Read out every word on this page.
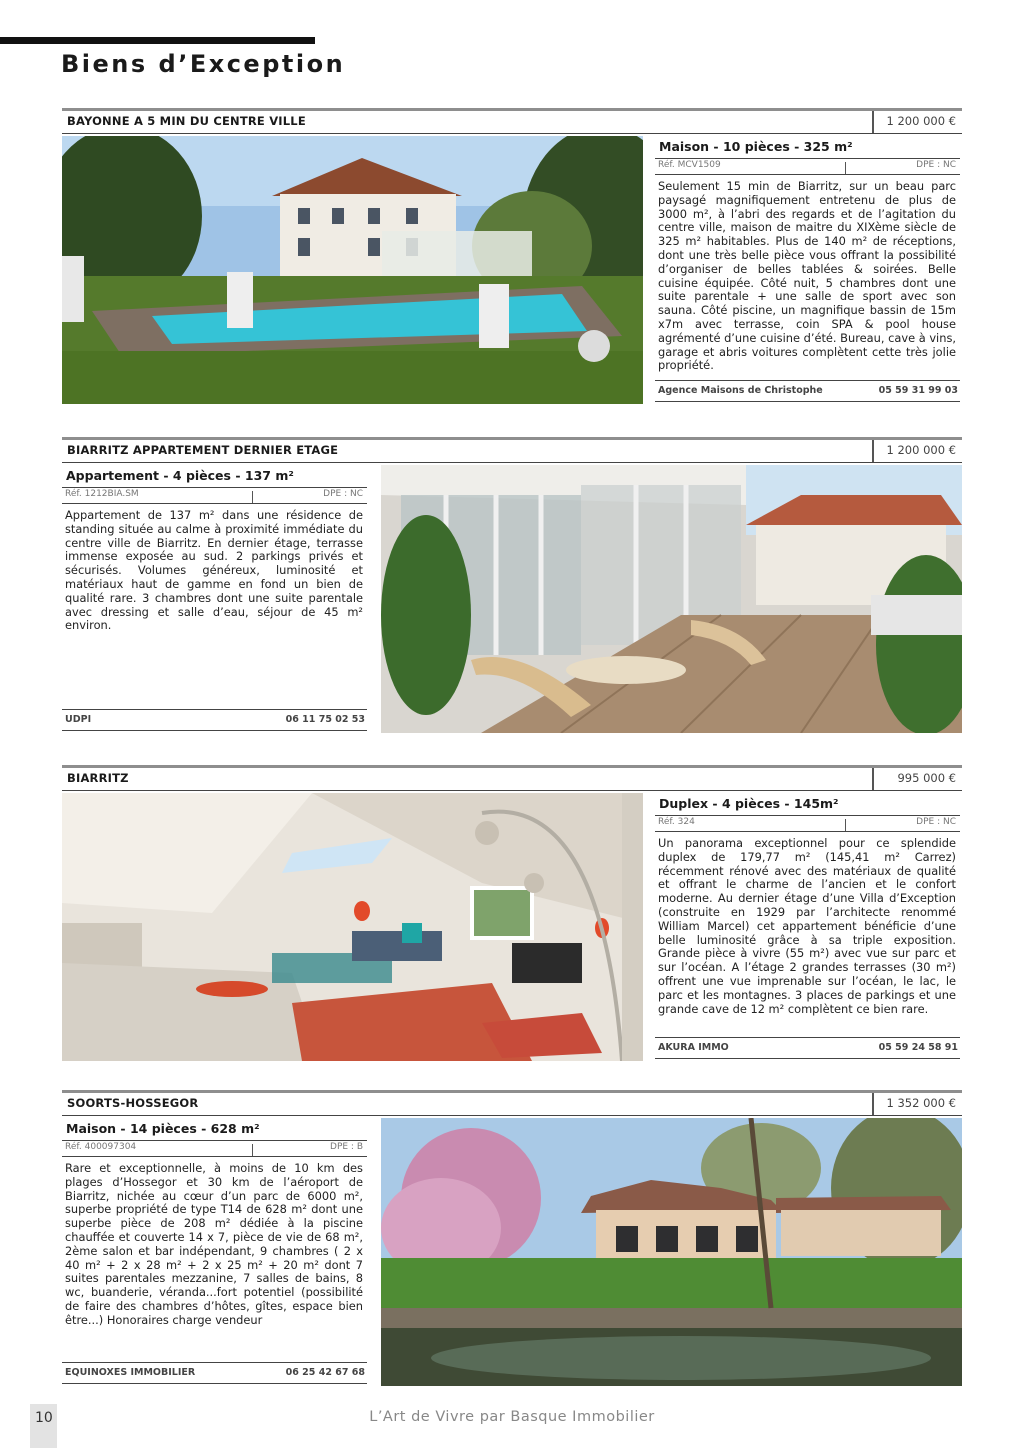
Biens d’Exception
BAYONNE A 5 MIN DU CENTRE VILLE	1 200 000 €
Maison - 10 pièces - 325 m²
Réf. MCV1509	DPE : NC

Seulement 15 min de Biarritz, sur un beau parc paysagé magnifiquement entretenu de plus de 3000 m², à l’abri des regards et de l’agitation du centre ville, maison de maitre du XIXème siècle de 325 m² habitables. Plus de 140 m² de réceptions, dont une très belle pièce vous offrant la possibilité d’organiser de belles tablées & soirées. Belle cuisine équipée. Côté nuit, 5 chambres dont une suite parentale + une salle de sport avec son sauna. Côté piscine, un magnifique bassin de 15m x7m avec terrasse, coin SPA & pool house agrémenté d’une cuisine d’été. Bureau, cave à vins, garage et abris voitures complètent cette très jolie propriété.

Agence Maisons de Christophe	05 59 31 99 03
BIARRITZ APPARTEMENT DERNIER ETAGE	1 200 000 €
Appartement - 4 pièces - 137 m²
Réf. 1212BIA.SM	DPE : NC

Appartement de 137 m² dans une résidence de standing située au calme à proximité immédiate du centre ville de Biarritz. En dernier étage, terrasse immense exposée au sud. 2 parkings privés et sécurisés. Volumes généreux, luminosité et matériaux haut de gamme en fond un bien de qualité rare. 3 chambres dont une suite parentale avec dressing et salle d’eau, séjour de 45 m² environ.

UDPI	06 11 75 02 53
BIARRITZ	995 000 €
Duplex - 4 pièces - 145m²
Réf. 324	DPE : NC

Un panorama exceptionnel pour ce splendide duplex de 179,77 m² (145,41 m² Carrez) récemment rénové avec des matériaux de qualité et offrant le charme de l’ancien et le confort moderne. Au dernier étage d’une Villa d’Exception (construite en 1929 par l’architecte renommé William Marcel) cet appartement bénéficie d’une belle luminosité grâce à sa triple exposition. Grande pièce à vivre (55 m²) avec vue sur parc et sur l’océan. A l’étage 2 grandes terrasses (30 m²) offrent une vue imprenable sur l’océan, le lac, le parc et les montagnes. 3 places de parkings et une grande cave de 12 m² complètent ce bien rare.

AKURA IMMO	05 59 24 58 91
SOORTS-HOSSEGOR	1 352 000 €
Maison - 14 pièces - 628 m²
Réf. 400097304	DPE : B

Rare et exceptionnelle, à moins de 10 km des plages d’Hossegor et 30 km de l’aéroport de Biarritz, nichée au cœur d’un parc de 6000 m², superbe propriété de type T14 de 628 m² dont une superbe pièce de 208 m² dédiée à la piscine chauffée et couverte 14 x 7, pièce de vie de 68 m², 2ème salon et bar indépendant, 9 chambres ( 2 x 40 m² + 2 x 28 m² + 2 x 25 m² + 20 m² dont 7 suites parentales mezzanine, 7 salles de bains, 8 wc, buanderie, véranda...fort potentiel (possibilité de faire des chambres d’hôtes, gîtes, espace bien être...) Honoraires charge vendeur

EQUINOXES IMMOBILIER	06 25 42 67 68
10	L’Art de Vivre par Basque Immobilier
